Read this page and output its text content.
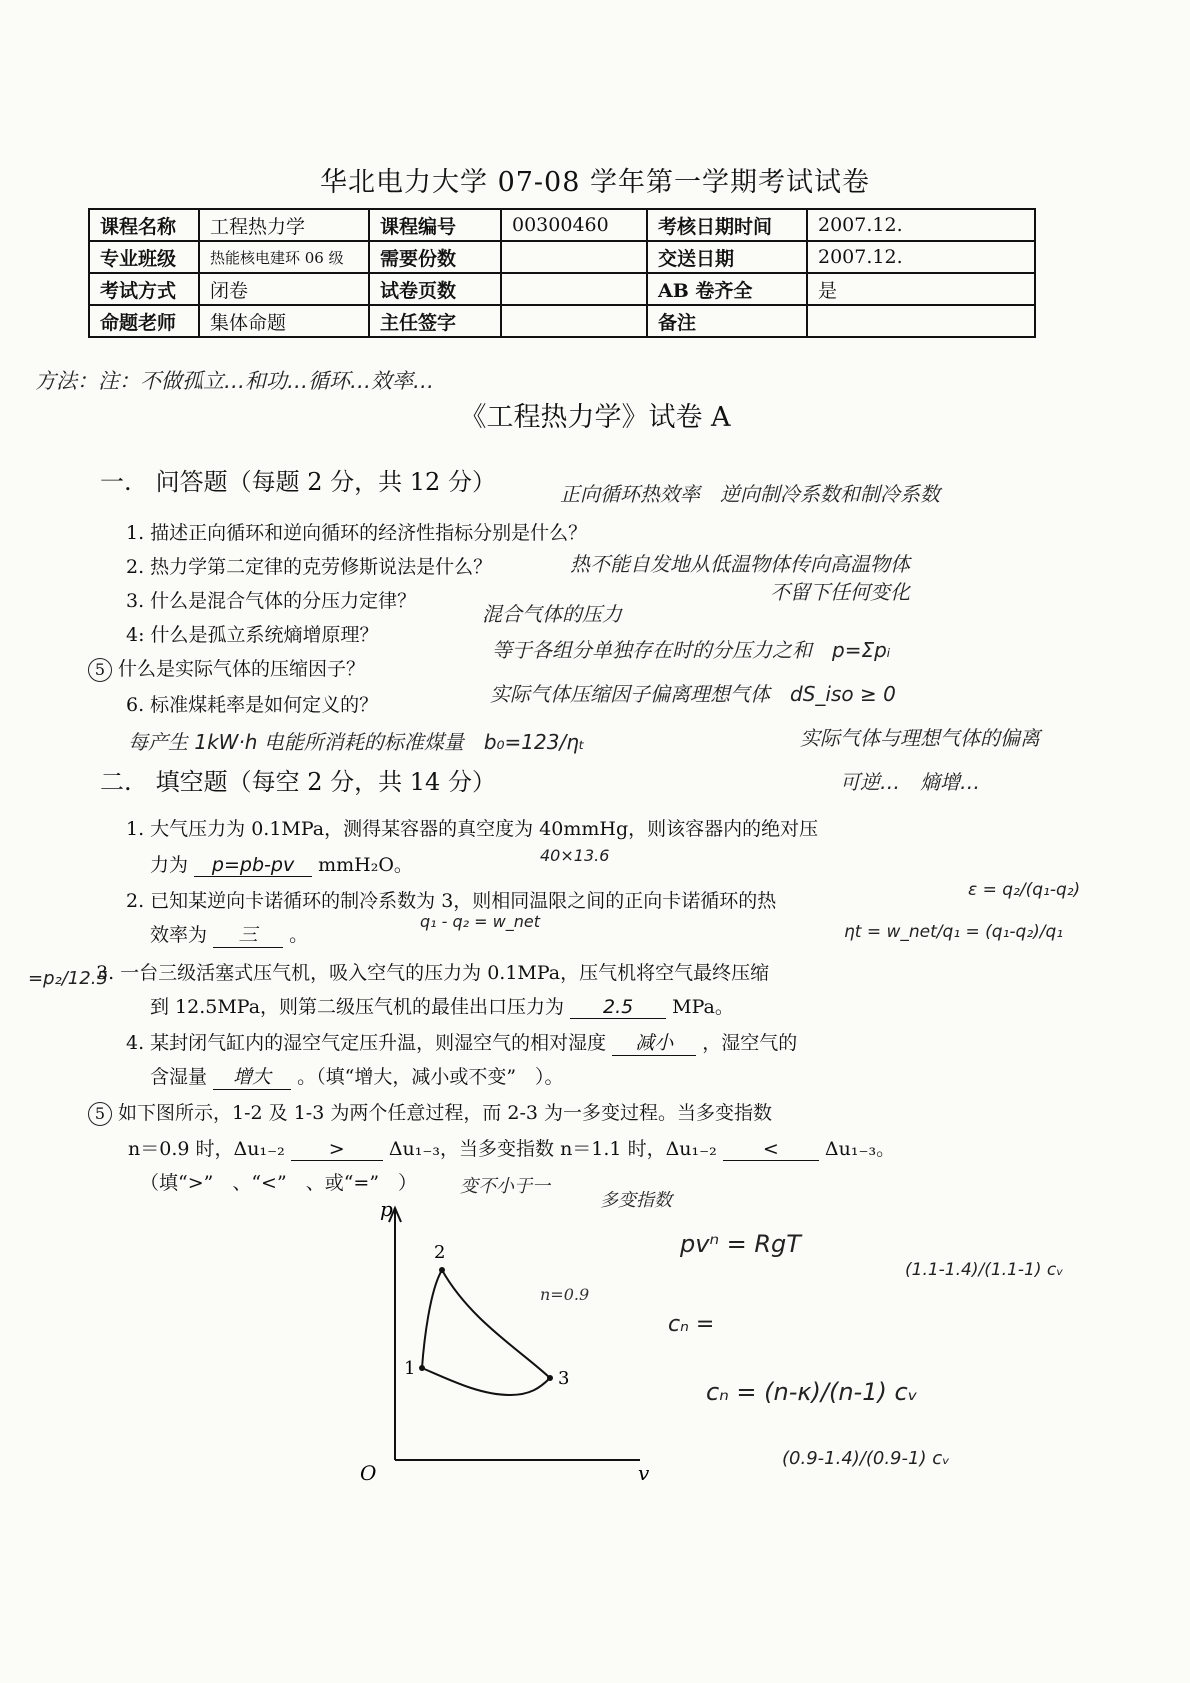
华北电力大学 07-08 学年第一学期考试试卷
课程名称	工程热力学	课程编号	00300460	考核日期时间	2007.12.
专业班级	热能核电建环 06 级	需要份数		交送日期	2007.12.
考试方式	闭卷	试卷页数		AB 卷齐全	是
命题老师	集体命题	主任签字		备注	
方法：注：不做孤立…和功…循环…效率…
《工程热力学》试卷 A
一.　问答题（每题 2 分，共 12 分）	正向循环热效率　逆向制冷系数和制冷系数
1. 描述正向循环和逆向循环的经济性指标分别是什么？
2. 热力学第二定律的克劳修斯说法是什么？	热不能自发地从低温物体传向高温物体
不留下任何变化
3. 什么是混合气体的分压力定律？
混合气体的压力
4: 什么是孤立系统熵增原理？
等于各组分单独存在时的分压力之和　p=Σpᵢ
5 什么是实际气体的压缩因子？
实际气体压缩因子偏离理想气体　dS_iso ≥ 0
6. 标准煤耗率是如何定义的？
每产生 1kW·h 电能所消耗的标准煤量　b₀=123/ηₜ	实际气体与理想气体的偏离
二.　填空题（每空 2 分，共 14 分）	可逆…　熵增…
1. 大气压力为 0.1MPa，测得某容器的真空度为 40mmHg，则该容器内的绝对压
力为 p=pb-pv mmH₂O。	40×13.6
2. 已知某逆向卡诺循环的制冷系数为 3，则相同温限之间的正向卡诺循环的热
q₁ - q₂ = w_net
效率为 三 。
ε = q₂/(q₁-q₂)
ηt = w_net/q₁ = (q₁-q₂)/q₁
=p₂/12.5
3. 一台三级活塞式压气机，吸入空气的压力为 0.1MPa，压气机将空气最终压缩
到 12.5MPa，则第二级压气机的最佳出口压力为 2.5 MPa。
4. 某封闭气缸内的湿空气定压升温，则湿空气的相对湿度 减小 ，湿空气的
含湿量 增大 。（填“增大，减小或不变”　）。
5 如下图所示，1-2 及 1-3 为两个任意过程，而 2-3 为一多变过程。当多变指数
n＝0.9 时，Δu₁₋₂ > Δu₁₋₃，当多变指数 n＝1.1 时，Δu₁₋₂ < Δu₁₋₃。
（填“>”　、“<”　、或“=”　） 变不小于一
多变指数
1
2
3
O	v
p
n=0.9
pvⁿ = RgT
(1.1-1.4)/(1.1-1) cᵥ
cₙ =
cₙ = (n-κ)/(n-1) cᵥ
(0.9-1.4)/(0.9-1) cᵥ
